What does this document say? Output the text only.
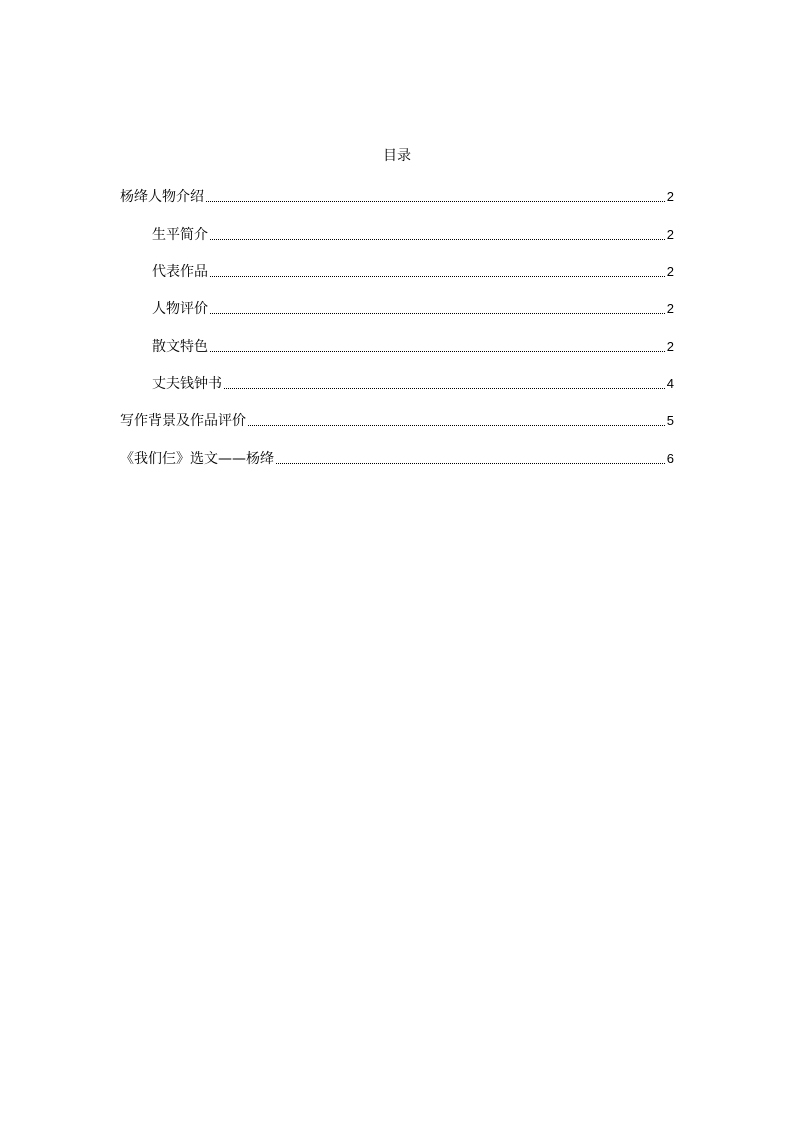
目录
杨绛人物介绍	2
生平简介	2
代表作品	2
人物评价	2
散文特色	2
丈夫钱钟书	4
写作背景及作品评价	5
《我们仨》选文——杨绛	6
